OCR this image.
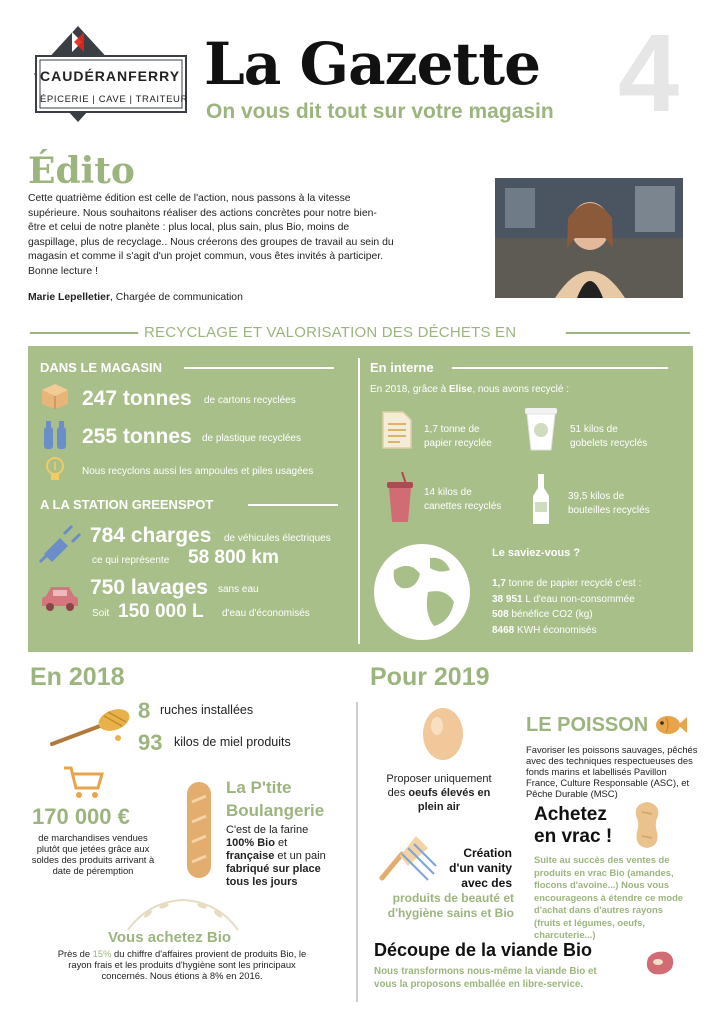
CAUDÉRANFERRY
ÉPICERIE | CAVE | TRAITEUR
La Gazette
On vous dit tout sur votre magasin 4
Édito
Cette quatrième édition est celle de l'action, nous passons à la vitesse
supérieure. Nous souhaitons réaliser des actions concrètes pour notre bien-
être et celui de notre planète : plus local, plus sain, plus Bio, moins de
gaspillage, plus de recyclage.. Nous créerons des groupes de travail au sein du
magasin et comme il s'agit d'un projet commun, vous êtes invités à participer.
Bonne lecture !
Marie Lepelletier, Chargée de communication
RECYCLAGE ET VALORISATION DES DÉCHETS EN
DANS LE MAGASIN
247 tonnes de cartons recyclées
255 tonnes de plastique recyclées
Nous recyclons aussi les ampoules et piles usagées
A LA STATION GREENSPOT
784 charges de véhicules électriques
ce qui représente 58 800 km
750 lavages sans eau
Soit 150 000 L d'eau d'économisés
En interne
En 2018, grâce à Elise, nous avons recyclé :
1,7 tonne de
papier recyclée
51 kilos de
gobelets recyclés
14 kilos de
canettes recyclés
39,5 kilos de
bouteilles recyclés
Le saviez-vous ?
1,7 tonne de papier recyclé c'est :
38 951 L d'eau non-consommée
508 bénéfice CO2 (kg)
8468 KWH économisés
En 2018
8 ruches installées
93 kilos de miel produits
170 000 €
de marchandises vendues
plutôt que jetées grâce aux
soldes des produits arrivant à
date de péremption
La P'tite
Boulangerie
C'est de la farine
100% Bio et
française et un pain
fabriqué sur place
tous les jours
Vous achetez Bio
Près de 15% du chiffre d'affaires provient de produits Bio, le
rayon frais et les produits d'hygiène sont les principaux
concernés. Nous étions à 8% en 2016.
Pour 2019
Proposer uniquement
des oeufs élevés en
plein air
LE POISSON
Favoriser les poissons sauvages, pêchés
avec des techniques respectueuses des
fonds marins et labellisés Pavillon
France, Culture Responsable (ASC), et
Pêche Durable (MSC)
Achetez
en vrac !
Suite au succès des ventes de
produits en vrac Bio (amandes,
flocons d'avoine...) Nous vous
encourageons à étendre ce mode
d'achat dans d'autres rayons
(fruits et légumes, oeufs,
charcuterie...)
Création
d'un vanity
avec des
produits de beauté et
d'hygiène sains et Bio
Découpe de la viande Bio
Nous transformons nous-même la viande Bio et
vous la proposons emballée en libre-service.
